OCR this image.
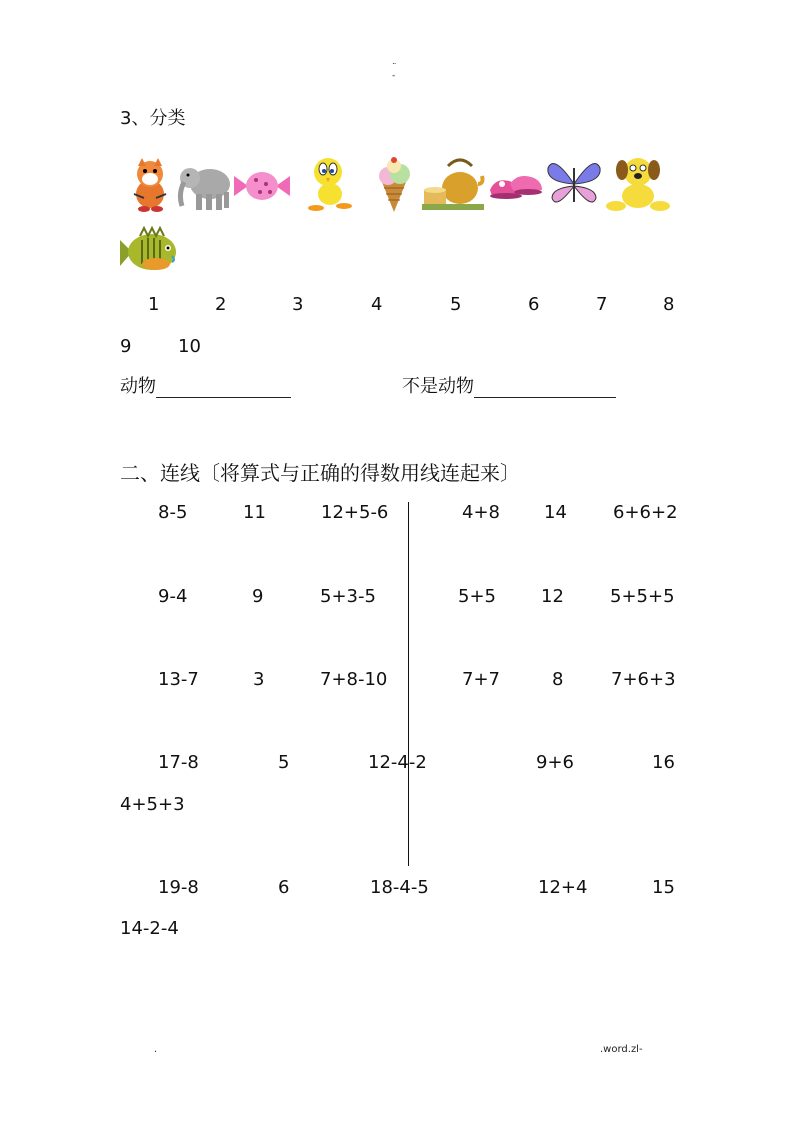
¨
-
3、分类
1	2	3	4	5	6	7	8
9	10
动物	不是动物
二、连线〔将算式与正确的得数用线连起来〕
8-5	11	12+5-6	4+8 14	6+6+2
9-4	9	5+3-5	5+5	12	5+5+5
13-7	3	7+8-10	7+7	8	7+6+3
17-8	5	12-4-2	9+6	16
4+5+3
19-8	6	18-4-5	12+4	15
14-2-4
.	.word.zl-
